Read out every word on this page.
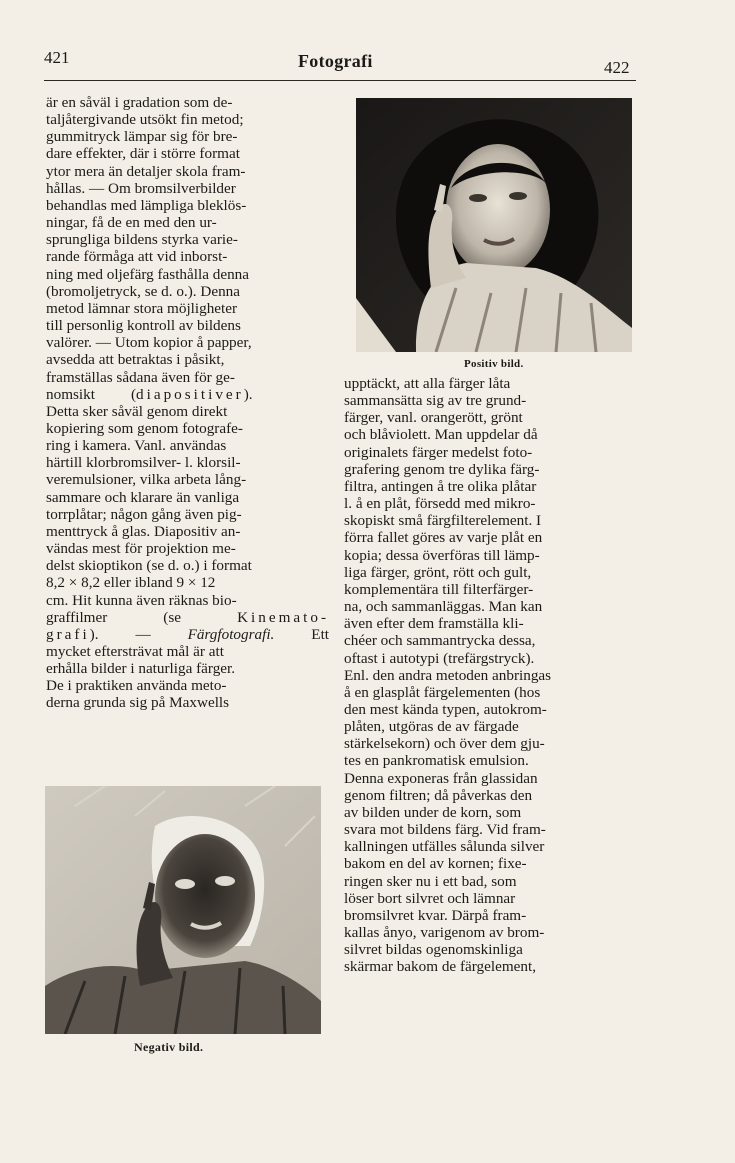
421	Fotografi	422

är en såväl i gradation som de-

taljåtergivande utsökt fin metod;

gummitryck lämpar sig för bre-

dare effekter, där i större format

ytor mera än detaljer skola fram-

hållas. — Om bromsilverbilder

behandlas med lämpliga bleklös-

ningar, få de en med den ur-

sprungliga bildens styrka varie-

rande förmåga att vid inborst-

ning med oljefärg fasthålla denna

(bromoljetryck, se d. o.). Denna

metod lämnar stora möjligheter

till personlig kontroll av bildens

valörer. — Utom kopior å papper,

avsedda att betraktas i påsikt,

framställas sådana även för ge-

nomsikt (diapositiver).

Detta sker såväl genom direkt

kopiering som genom fotografe-

ring i kamera. Vanl. användas

härtill klorbromsilver- l. klorsil-

veremulsioner, vilka arbeta lång-

sammare och klarare än vanliga

torrplåtar; någon gång även pig-

menttryck å glas. Diapositiv an-

vändas mest för projektion me-

delst skioptikon (se d. o.) i format

8,2 × 8,2 eller ibland 9 × 12

cm. Hit kunna även räknas bio-

graffilmer (se	Kinemato-

grafi). — Färgfotografi. Ett

mycket eftersträvat mål är att

erhålla bilder i naturliga färger.

De i praktiken använda meto-

derna grunda sig på Maxwells

Positiv bild.

upptäckt, att alla färger låta

sammansätta sig av tre grund-

färger, vanl. orangerött, grönt

och blåviolett. Man uppdelar då

originalets färger medelst foto-

grafering genom tre dylika färg-

filtra, antingen å tre olika plåtar

l. å en plåt, försedd med mikro-

skopiskt små färgfilterelement. I

förra fallet göres av varje plåt en

kopia; dessa överföras till lämp-

liga färger, grönt, rött och gult,

komplementära till filterfärger-

na, och sammanläggas. Man kan

även efter dem framställa kli-

chéer och sammantrycka dessa,

oftast i autotypi (trefärgstryck).

Enl. den andra metoden anbringas

å en glasplåt färgelementen (hos

den mest kända typen, autokrom-

plåten, utgöras de av färgade

stärkelsekorn) och över dem gju-

tes en pankromatisk emulsion.

Denna exponeras från glassidan

genom filtren; då påverkas den

av bilden under de korn, som

svara mot bildens färg. Vid fram-

kallningen utfälles sålunda silver

bakom en del av kornen; fixe-

ringen sker nu i ett bad, som

löser bort silvret och lämnar

bromsilvret kvar. Därpå fram-

kallas ånyo, varigenom av brom-

silvret bildas ogenomskinliga

skärmar bakom de färgelement,

Negativ bild.
